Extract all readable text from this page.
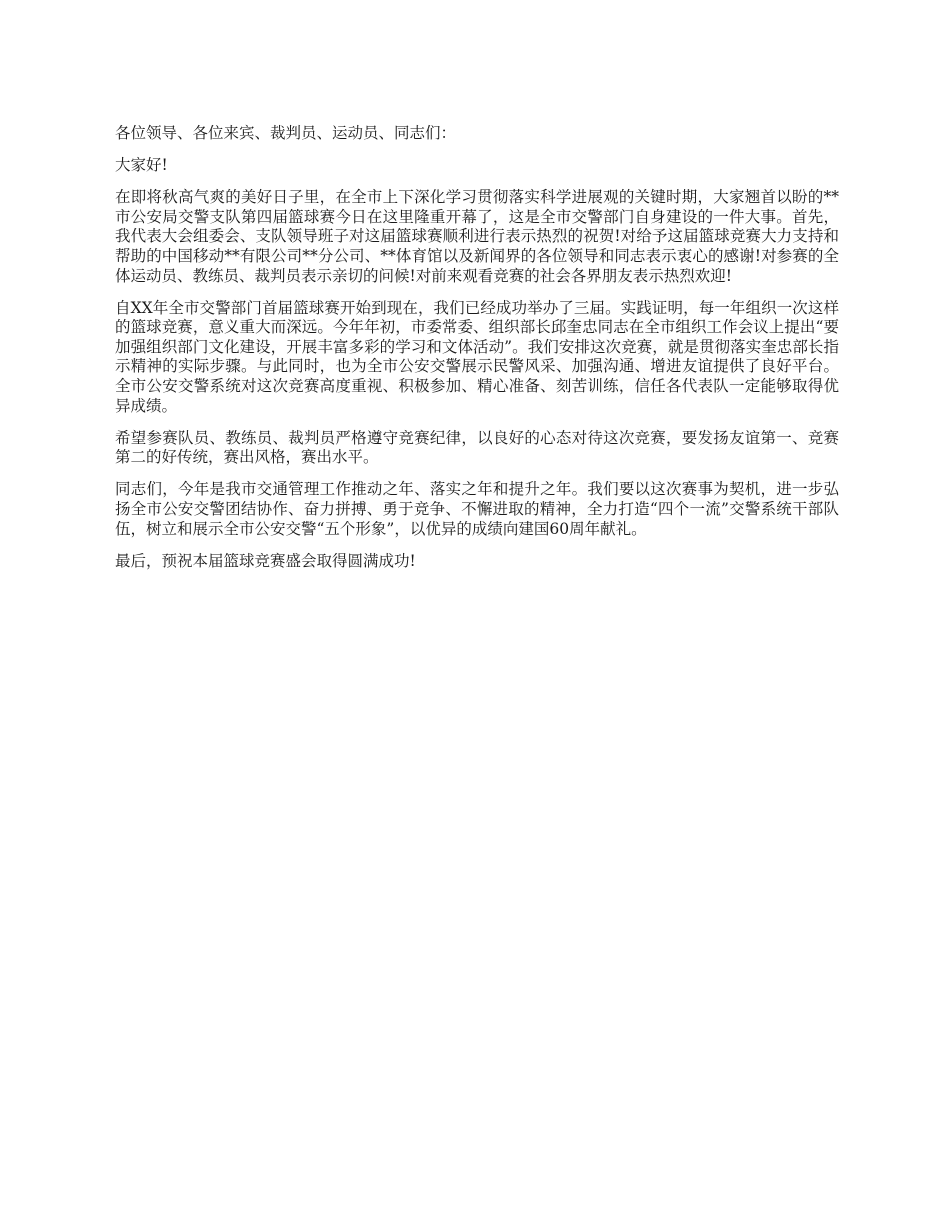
各位领导、各位来宾、裁判员、运动员、同志们：

大家好!

在即将秋高气爽的美好日子里，在全市上下深化学习贯彻落实科学进展观的关键时期，大家翘首以盼的**市公安局交警支队第四届篮球赛今日在这里隆重开幕了，这是全市交警部门自身建设的一件大事。首先，我代表大会组委会、支队领导班子对这届篮球赛顺利进行表示热烈的祝贺!对给予这届篮球竞赛大力支持和帮助的中国移动**有限公司**分公司、**体育馆以及新闻界的各位领导和同志表示衷心的感谢!对参赛的全体运动员、教练员、裁判员表示亲切的问候!对前来观看竞赛的社会各界朋友表示热烈欢迎!

自XX年全市交警部门首届篮球赛开始到现在，我们已经成功举办了三届。实践证明，每一年组织一次这样的篮球竞赛，意义重大而深远。今年年初，市委常委、组织部长邱奎忠同志在全市组织工作会议上提出“要加强组织部门文化建设，开展丰富多彩的学习和文体活动”。我们安排这次竞赛，就是贯彻落实奎忠部长指示精神的实际步骤。与此同时，也为全市公安交警展示民警风采、加强沟通、增进友谊提供了良好平台。全市公安交警系统对这次竞赛高度重视、积极参加、精心准备、刻苦训练，信任各代表队一定能够取得优异成绩。

希望参赛队员、教练员、裁判员严格遵守竞赛纪律，以良好的心态对待这次竞赛，要发扬友谊第一、竞赛第二的好传统，赛出风格，赛出水平。

同志们，今年是我市交通管理工作推动之年、落实之年和提升之年。我们要以这次赛事为契机，进一步弘扬全市公安交警团结协作、奋力拼搏、勇于竞争、不懈进取的精神，全力打造“四个一流”交警系统干部队伍，树立和展示全市公安交警“五个形象”，以优异的成绩向建国60周年献礼。

最后，预祝本届篮球竞赛盛会取得圆满成功!
